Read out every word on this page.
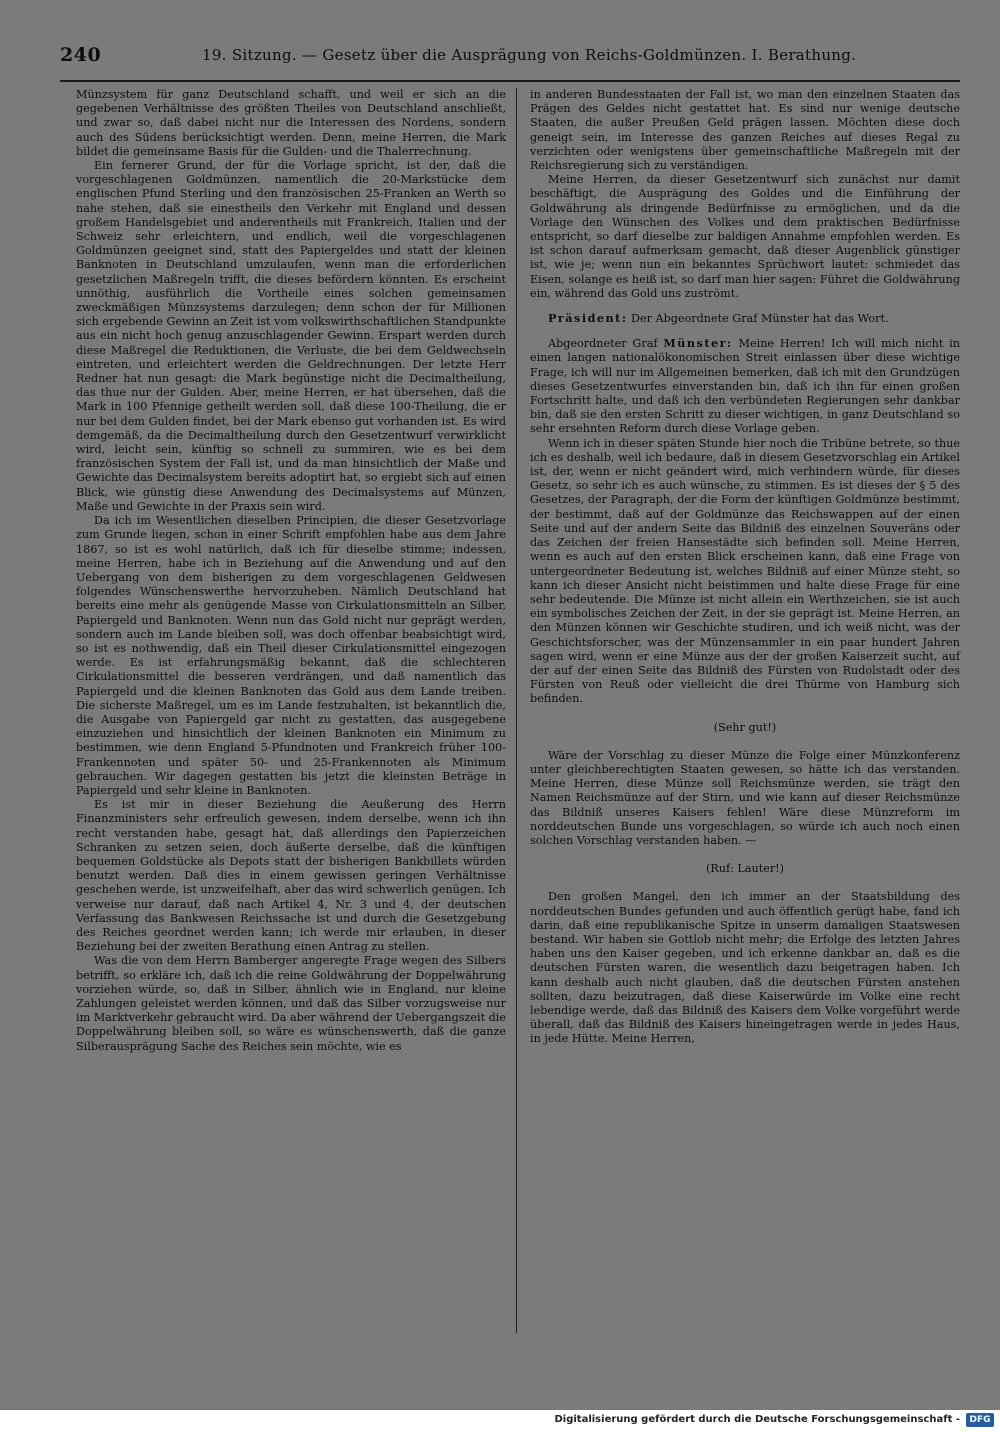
240	19. Sitzung. — Gesetz über die Ausprägung von Reichs-Goldmünzen. I. Berathung.

Münzsystem für ganz Deutschland schafft, und weil er sich an die gegebenen Verhältnisse des größten Theiles von Deutschland anschließt, und zwar so, daß dabei nicht nur die Interessen des Nordens, sondern auch des Südens berücksichtigt werden. Denn, meine Herren, die Mark bildet die gemeinsame Basis für die Gulden- und die Thalerrechnung.

Ein fernerer Grund, der für die Vorlage spricht, ist der, daß die vorgeschlagenen Goldmünzen, namentlich die 20-Markstücke dem englischen Pfund Sterling und den französischen 25-Franken an Werth so nahe stehen, daß sie einestheils den Verkehr mit England und dessen großem Handelsgebiet und anderentheils mit Frankreich, Italien und der Schweiz sehr erleichtern, und endlich, weil die vorgeschlagenen Goldmünzen geeignet sind, statt des Papiergeldes und statt der kleinen Banknoten in Deutschland umzulaufen, wenn man die erforderlichen gesetzlichen Maßregeln trifft, die dieses befördern könnten. Es erscheint unnöthig, ausführlich die Vortheile eines solchen gemeinsamen zweckmäßigen Münzsystems darzulegen; denn schon der für Millionen sich ergebende Gewinn an Zeit ist vom volkswirthschaftlichen Standpunkte aus ein nicht hoch genug anzuschlagender Gewinn. Erspart werden durch diese Maßregel die Reduktionen, die Verluste, die bei dem Geldwechseln eintreten, und erleichtert werden die Geldrechnungen. Der letzte Herr Redner hat nun gesagt: die Mark begünstige nicht die Decimaltheilung, das thue nur der Gulden. Aber, meine Herren, er hat übersehen, daß die Mark in 100 Pfennige getheilt werden soll, daß diese 100-Theilung, die er nur bei dem Gulden findet, bei der Mark ebenso gut vorhanden ist. Es wird demgemäß, da die Decimaltheilung durch den Gesetzentwurf verwirklicht wird, leicht sein, künftig so schnell zu summiren, wie es bei dem französischen System der Fall ist, und da man hinsichtlich der Maße und Gewichte das Decimalsystem bereits adoptirt hat, so ergiebt sich auf einen Blick, wie günstig diese Anwendung des Decimalsystems auf Münzen, Maße und Gewichte in der Praxis sein wird.

Da ich im Wesentlichen dieselben Principien, die dieser Gesetzvorlage zum Grunde liegen, schon in einer Schrift empfohlen habe aus dem Jahre 1867, so ist es wohl natürlich, daß ich für dieselbe stimme; indessen, meine Herren, habe ich in Beziehung auf die Anwendung und auf den Uebergang von dem bisherigen zu dem vorgeschlagenen Geldwesen folgendes Wünschenswerthe hervorzuheben. Nämlich Deutschland hat bereits eine mehr als genügende Masse von Cirkulationsmitteln an Silber, Papiergeld und Banknoten. Wenn nun das Gold nicht nur geprägt werden, sondern auch im Lande bleiben soll, was doch offenbar beabsichtigt wird, so ist es nothwendig, daß ein Theil dieser Cirkulationsmittel eingezogen werde. Es ist erfahrungsmäßig bekannt, daß die schlechteren Cirkulationsmittel die besseren verdrängen, und daß namentlich das Papiergeld und die kleinen Banknoten das Gold aus dem Lande treiben. Die sicherste Maßregel, um es im Lande festzuhalten, ist bekanntlich die, die Ausgabe von Papiergeld gar nicht zu gestatten, das ausgegebene einzuziehen und hinsichtlich der kleinen Banknoten ein Minimum zu bestimmen, wie denn England 5-Pfundnoten und Frankreich früher 100-Frankennoten und später 50- und 25-Frankennoten als Minimum gebrauchen. Wir dagegen gestatten bis jetzt die kleinsten Beträge in Papiergeld und sehr kleine in Banknoten.

Es ist mir in dieser Beziehung die Aeußerung des Herrn Finanzministers sehr erfreulich gewesen, indem derselbe, wenn ich ihn recht verstanden habe, gesagt hat, daß allerdings den Papierzeichen Schranken zu setzen seien, doch äußerte derselbe, daß die künftigen bequemen Goldstücke als Depots statt der bisherigen Bankbillets würden benutzt werden. Daß dies in einem gewissen geringen Verhältnisse geschehen werde, ist unzweifelhaft, aber das wird schwerlich genügen. Ich verweise nur darauf, daß nach Artikel 4, Nr. 3 und 4, der deutschen Verfassung das Bankwesen Reichssache ist und durch die Gesetzgebung des Reiches geordnet werden kann; ich werde mir erlauben, in dieser Beziehung bei der zweiten Berathung einen Antrag zu stellen.

Was die von dem Herrn Bamberger angeregte Frage wegen des Silbers betrifft, so erkläre ich, daß ich die reine Goldwährung der Doppelwährung vorziehen würde, so, daß in Silber, ähnlich wie in England, nur kleine Zahlungen geleistet werden können, und daß das Silber vorzugsweise nur im Marktverkehr gebraucht wird. Da aber während der Uebergangszeit die Doppelwährung bleiben soll, so wäre es wünschenswerth, daß die ganze Silberausprägung Sache des Reiches sein möchte, wie es

in anderen Bundesstaaten der Fall ist, wo man den einzelnen Staaten das Prägen des Geldes nicht gestattet hat. Es sind nur wenige deutsche Staaten, die außer Preußen Geld prägen lassen. Möchten diese doch geneigt sein, im Interesse des ganzen Reiches auf dieses Regal zu verzichten oder wenigstens über gemeinschaftliche Maßregeln mit der Reichsregierung sich zu verständigen.

Meine Herren, da dieser Gesetzentwurf sich zunächst nur damit beschäftigt, die Ausprägung des Goldes und die Einführung der Goldwährung als dringende Bedürfnisse zu ermöglichen, und da die Vorlage den Wünschen des Volkes und dem praktischen Bedürfnisse entspricht, so darf dieselbe zur baldigen Annahme empfohlen werden. Es ist schon darauf aufmerksam gemacht, daß dieser Augenblick günstiger ist, wie je; wenn nun ein bekanntes Sprüchwort lautet: schmiedet das Eisen, solange es heiß ist, so darf man hier sagen: Führet die Goldwährung ein, während das Gold uns zuströmt.

Präsident: Der Abgeordnete Graf Münster hat das Wort.

Abgeordneter Graf Münster: Meine Herren! Ich will mich nicht in einen langen nationalökonomischen Streit einlassen über diese wichtige Frage, ich will nur im Allgemeinen bemerken, daß ich mit den Grundzügen dieses Gesetzentwurfes einverstanden bin, daß ich ihn für einen großen Fortschritt halte, und daß ich den verbündeten Regierungen sehr dankbar bin, daß sie den ersten Schritt zu dieser wichtigen, in ganz Deutschland so sehr ersehnten Reform durch diese Vorlage geben.

Wenn ich in dieser späten Stunde hier noch die Tribüne betrete, so thue ich es deshalb, weil ich bedaure, daß in diesem Gesetzvorschlag ein Artikel ist, der, wenn er nicht geändert wird, mich verhindern würde, für dieses Gesetz, so sehr ich es auch wünsche, zu stimmen. Es ist dieses der § 5 des Gesetzes, der Paragraph, der die Form der künftigen Goldmünze bestimmt, der bestimmt, daß auf der Goldmünze das Reichswappen auf der einen Seite und auf der andern Seite das Bildniß des einzelnen Souveräns oder das Zeichen der freien Hansestädte sich befinden soll. Meine Herren, wenn es auch auf den ersten Blick erscheinen kann, daß eine Frage von untergeordneter Bedeutung ist, welches Bildniß auf einer Münze steht, so kann ich dieser Ansicht nicht beistimmen und halte diese Frage für eine sehr bedeutende. Die Münze ist nicht allein ein Werthzeichen, sie ist auch ein symbolisches Zeichen der Zeit, in der sie geprägt ist. Meine Herren, an den Münzen können wir Geschichte studiren, und ich weiß nicht, was der Geschichtsforscher, was der Münzensammler in ein paar hundert Jahren sagen wird, wenn er eine Münze aus der der großen Kaiserzeit sucht, auf der auf der einen Seite das Bildniß des Fürsten von Rudolstadt oder des Fürsten von Reuß oder vielleicht die drei Thürme von Hamburg sich befinden.

(Sehr gut!)

Wäre der Vorschlag zu dieser Münze die Folge einer Münzkonferenz unter gleichberechtigten Staaten gewesen, so hätte ich das verstanden. Meine Herren, diese Münze soll Reichsmünze werden, sie trägt den Namen Reichsmünze auf der Stirn, und wie kann auf dieser Reichsmünze das Bildniß unseres Kaisers fehlen! Wäre diese Münzreform im norddeutschen Bunde uns vorgeschlagen, so würde ich auch noch einen solchen Vorschlag verstanden haben. —

(Ruf: Lauter!)

Den großen Mangel, den ich immer an der Staatsbildung des norddeutschen Bundes gefunden und auch öffentlich gerügt habe, fand ich darin, daß eine republikanische Spitze in unserm damaligen Staatswesen bestand. Wir haben sie Gottlob nicht mehr; die Erfolge des letzten Jahres haben uns den Kaiser gegeben, und ich erkenne dankbar an, daß es die deutschen Fürsten waren, die wesentlich dazu beigetragen haben. Ich kann deshalb auch nicht glauben, daß die deutschen Fürsten anstehen sollten, dazu beizutragen, daß diese Kaiserwürde im Volke eine recht lebendige werde, daß das Bildniß des Kaisers dem Volke vorgeführt werde überall, daß das Bildniß des Kaisers hineingetragen werde in jedes Haus, in jede Hütte. Meine Herren,

Digitalisierung gefördert durch die Deutsche Forschungsgemeinschaft -	DFG
